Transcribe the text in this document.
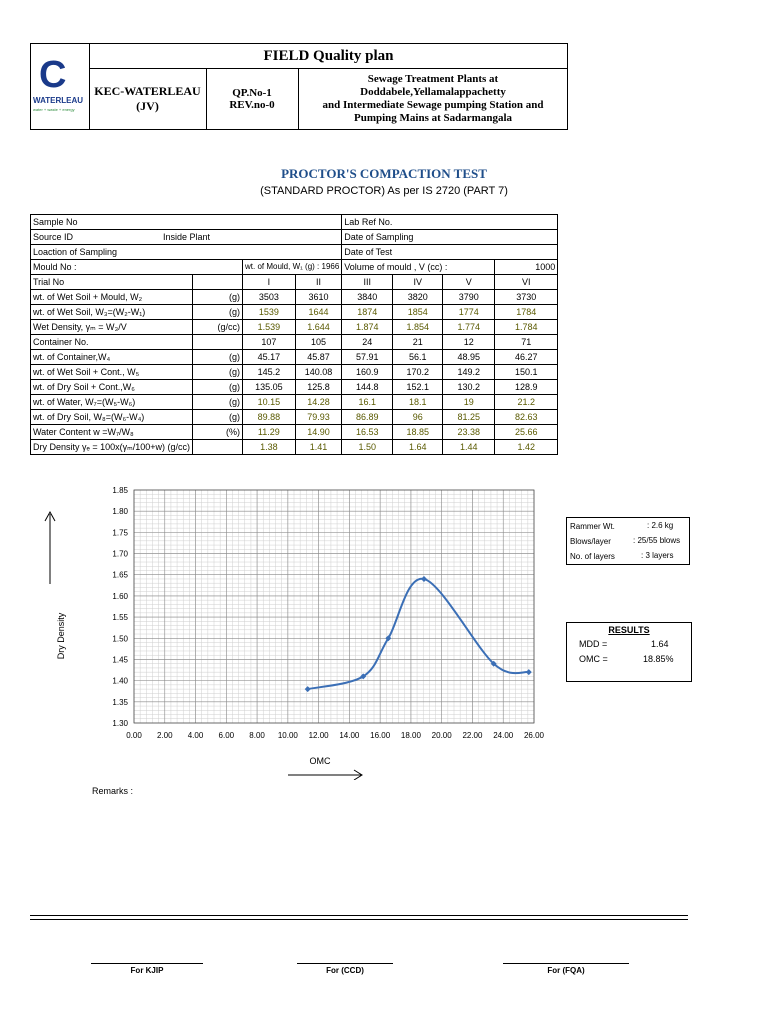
C
WATERLEAU
water + waste + energy
FIELD Quality plan
KEC-WATERLEAU
(JV)
QP.No-1
REV.no-0
Sewage Treatment Plants at
Doddabele,Yellamalappachetty
and Intermediate Sewage pumping Station and
Pumping Mains at Sadarmangala
PROCTOR'S COMPACTION TEST
(STANDARD PROCTOR) As per IS 2720 (PART 7)
Sample No				Lab Ref No.			
Source ID Inside Plant				Date of Sampling			
Loaction of Sampling				Date of Test			
Mould No :		wt. of Mould, W₁ (g) : 1966		Volume of mould , V (cc) :			1000
Trial No		I	II	III	IV	V	VI
wt. of Wet Soil + Mould, W₂	(g)	3503	3610	3840	3820	3790	3730
wt. of Wet Soil, W₃=(W₂-W₁)	(g)	1539	1644	1874	1854	1774	1784
Wet Density, γₘ = W₃/V	(g/cc)	1.539	1.644	1.874	1.854	1.774	1.784
Container No.		107	105	24	21	12	71
wt. of Container,W₄	(g)	45.17	45.87	57.91	56.1	48.95	46.27
wt. of Wet Soil + Cont., W₅	(g)	145.2	140.08	160.9	170.2	149.2	150.1
wt. of Dry Soil + Cont.,W₆	(g)	135.05	125.8	144.8	152.1	130.2	128.9
wt. of Water, W₇=(W₅-W₆)	(g)	10.15	14.28	16.1	18.1	19	21.2
wt. of Dry Soil, W₈=(W₆-W₄)	(g)	89.88	79.93	86.89	96	81.25	82.63
Water Content w =W₇/W₈	(%)	11.29	14.90	16.53	18.85	23.38	25.66
Dry Density γₑ = 100x(γₘ/100+w) (g/cc)		1.38	1.41	1.50	1.64	1.44	1.42
0.00 2.00 4.00 6.00 8.00 10.00 12.00 14.00 16.00 18.00 20.00 22.00 24.00 26.00
1.30
1.35
1.40
1.45
1.50
1.55
1.60
1.65
1.70
1.75
1.80
1.85
Dry Density
OMC
Rammer Wt.	: 2.6 kg
Blows/layer	: 25/55 blows
No. of layers	: 3 layers
RESULTS
MDD =	1.64
OMC =	18.85%
Remarks :
For KJIP	For (CCD)	For (FQA)
